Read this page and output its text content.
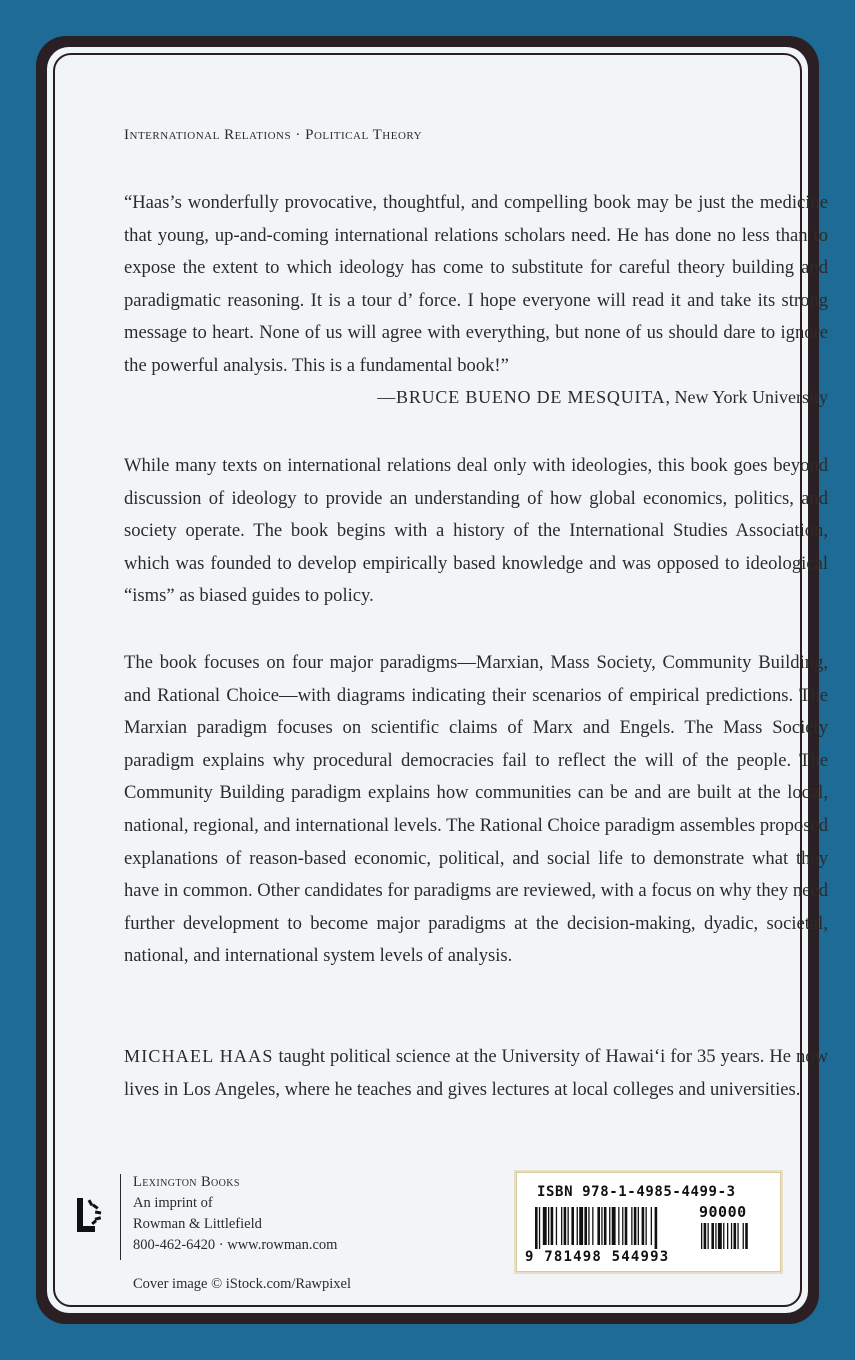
International Relations · Political Theory

“Haas’s wonderfully provocative, thoughtful, and compelling book may be just the medicine that young, up-and-coming international relations scholars need. He has done no less than to expose the extent to which ideology has come to substitute for careful theory building and paradigmatic reasoning. It is a tour d’ force. I hope everyone will read it and take its strong message to heart. None of us will agree with everything, but none of us should dare to ignore the powerful analysis. This is a fundamental book!”

—BRUCE BUENO DE MESQUITA, New York University

While many texts on international relations deal only with ideologies, this book goes beyond discussion of ideology to provide an understanding of how global economics, politics, and society operate. The book begins with a history of the International Studies Association, which was founded to develop empirically based knowledge and was opposed to ideological “isms” as biased guides to policy.

The book focuses on four major paradigms—Marxian, Mass Society, Community Building, and Rational Choice—with diagrams indicating their scenarios of empirical predictions. The Marxian paradigm focuses on scientific claims of Marx and Engels. The Mass Society paradigm explains why procedural democracies fail to reflect the will of the people. The Community Building paradigm explains how communities can be and are built at the local, national, regional, and international levels. The Rational Choice paradigm assembles proposed explanations of reason-based economic, political, and social life to demonstrate what they have in common. Other candidates for paradigms are reviewed, with a focus on why they need further development to become major paradigms at the decision-making, dyadic, societal, national, and international system levels of analysis.

MICHAEL HAAS taught political science at the University of Hawai‘i for 35 years. He now lives in Los Angeles, where he teaches and gives lectures at local colleges and universities.

Lexington Books
An imprint of
Rowman & Littlefield
800-462-6420 · www.rowman.com
Cover image © iStock.com/Rawpixel
ISBN 978-1-4985-4499-3
90000
9 781498 544993
